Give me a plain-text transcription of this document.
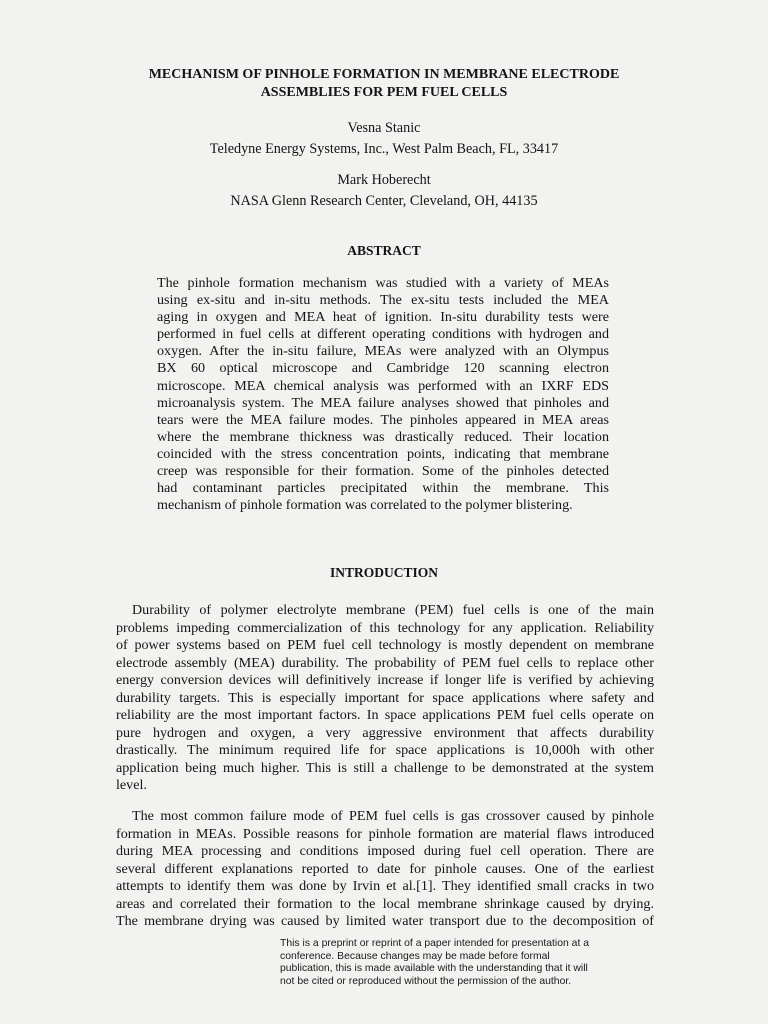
MECHANISM OF PINHOLE FORMATION IN MEMBRANE ELECTRODE
ASSEMBLIES FOR PEM FUEL CELLS
Vesna Stanic
Teledyne Energy Systems, Inc., West Palm Beach, FL, 33417
Mark Hoberecht
NASA Glenn Research Center, Cleveland, OH, 44135
ABSTRACT
The pinhole formation mechanism was studied with a variety of MEAs
using ex-situ and in-situ methods. The ex-situ tests included the MEA
aging in oxygen and MEA heat of ignition. In-situ durability tests were
performed in fuel cells at different operating conditions with hydrogen and
oxygen. After the in-situ failure, MEAs were analyzed with an Olympus
BX 60 optical microscope and Cambridge 120 scanning electron
microscope. MEA chemical analysis was performed with an IXRF EDS
microanalysis system. The MEA failure analyses showed that pinholes and
tears were the MEA failure modes. The pinholes appeared in MEA areas
where the membrane thickness was drastically reduced. Their location
coincided with the stress concentration points, indicating that membrane
creep was responsible for their formation. Some of the pinholes detected
had contaminant particles precipitated within the membrane. This
mechanism of pinhole formation was correlated to the polymer blistering.
INTRODUCTION
Durability of polymer electrolyte membrane (PEM) fuel cells is one of the main
problems impeding commercialization of this technology for any application. Reliability
of power systems based on PEM fuel cell technology is mostly dependent on membrane
electrode assembly (MEA) durability. The probability of PEM fuel cells to replace other
energy conversion devices will definitively increase if longer life is verified by achieving
durability targets. This is especially important for space applications where safety and
reliability are the most important factors. In space applications PEM fuel cells operate on
pure hydrogen and oxygen, a very aggressive environment that affects durability
drastically. The minimum required life for space applications is 10,000h with other
application being much higher. This is still a challenge to be demonstrated at the system
level.
The most common failure mode of PEM fuel cells is gas crossover caused by pinhole
formation in MEAs. Possible reasons for pinhole formation are material flaws introduced
during MEA processing and conditions imposed during fuel cell operation. There are
several different explanations reported to date for pinhole causes. One of the earliest
attempts to identify them was done by Irvin et al.[1]. They identified small cracks in two
areas and correlated their formation to the local membrane shrinkage caused by drying.
The membrane drying was caused by limited water transport due to the decomposition of
This is a preprint or reprint of a paper intended for presentation at a
conference. Because changes may be made before formal
publication, this is made available with the understanding that it will
not be cited or reproduced without the permission of the author.
